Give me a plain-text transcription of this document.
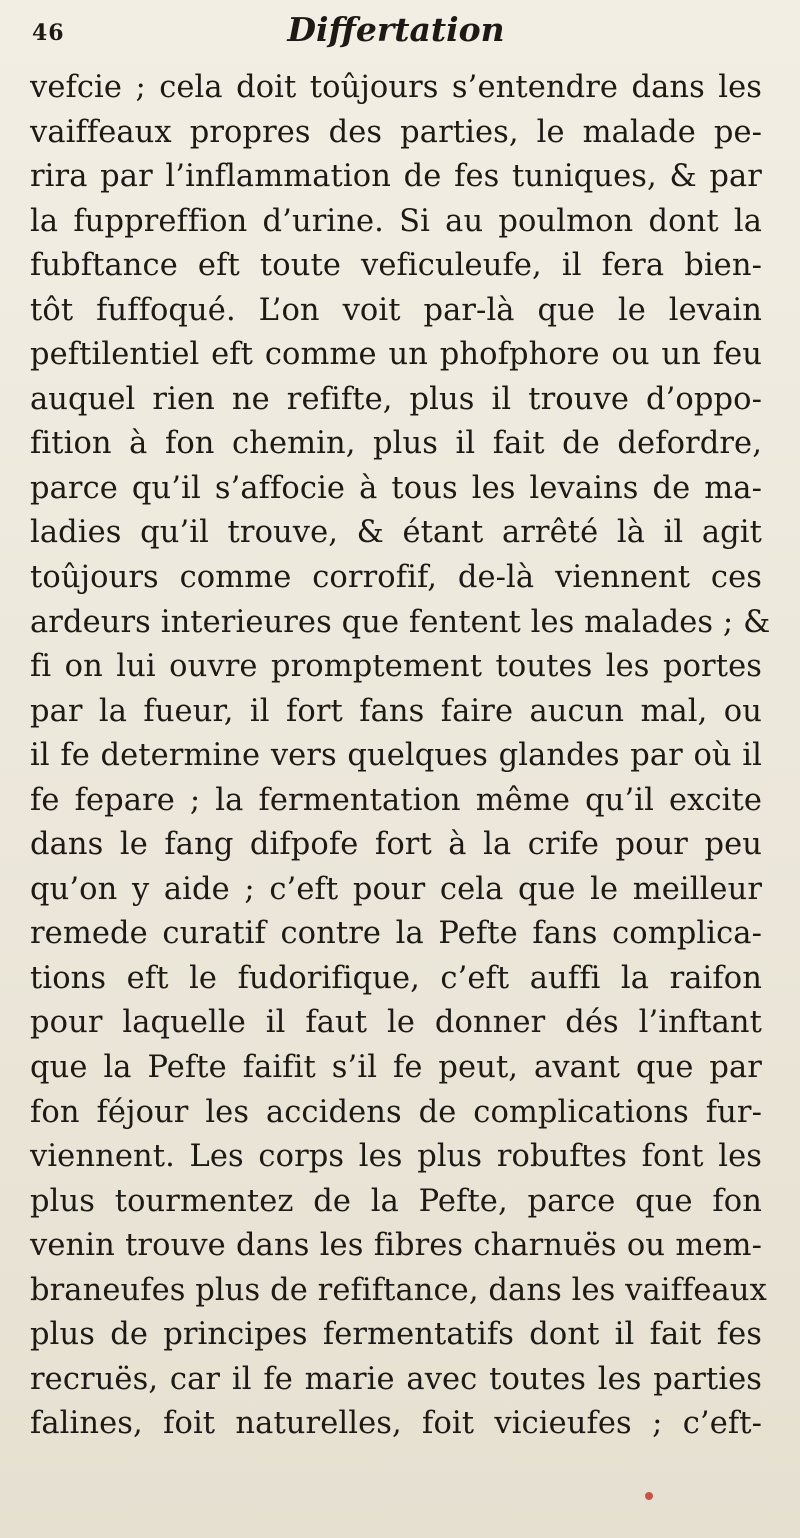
46	Differtation
vefcie ; cela doit toûjours s’entendre dans les
vaiffeaux propres des parties, le malade pe-
rira par l’inflammation de fes tuniques, & par
la fuppreffion d’urine. Si au poulmon dont la
fubftance eft toute veficuleufe, il fera bien-
tôt fuffoqué. L’on voit par-là que le levain
peftilentiel eft comme un phofphore ou un feu
auquel rien ne refifte, plus il trouve d’oppo-
fition à fon chemin, plus il fait de defordre,
parce qu’il s’affocie à tous les levains de ma-
ladies qu’il trouve, & étant arrêté là il agit
toûjours comme corrofif, de-là viennent ces
ardeurs interieures que fentent les malades ; &
fi on lui ouvre promptement toutes les portes
par la fueur, il fort fans faire aucun mal, ou
il fe determine vers quelques glandes par où il
fe fepare ; la fermentation même qu’il excite
dans le fang difpofe fort à la crife pour peu
qu’on y aide ; c’eft pour cela que le meilleur
remede curatif contre la Pefte fans complica-
tions eft le fudorifique, c’eft auffi la raifon
pour laquelle il faut le donner dés l’inftant
que la Pefte faifit s’il fe peut, avant que par
fon féjour les accidens de complications fur-
viennent. Les corps les plus robuftes font les
plus tourmentez de la Pefte, parce que fon
venin trouve dans les fibres charnuës ou mem-
braneufes plus de refiftance, dans les vaiffeaux
plus de principes fermentatifs dont il fait fes
recruës, car il fe marie avec toutes les parties
falines, foit naturelles, foit vicieufes ; c’eft-
